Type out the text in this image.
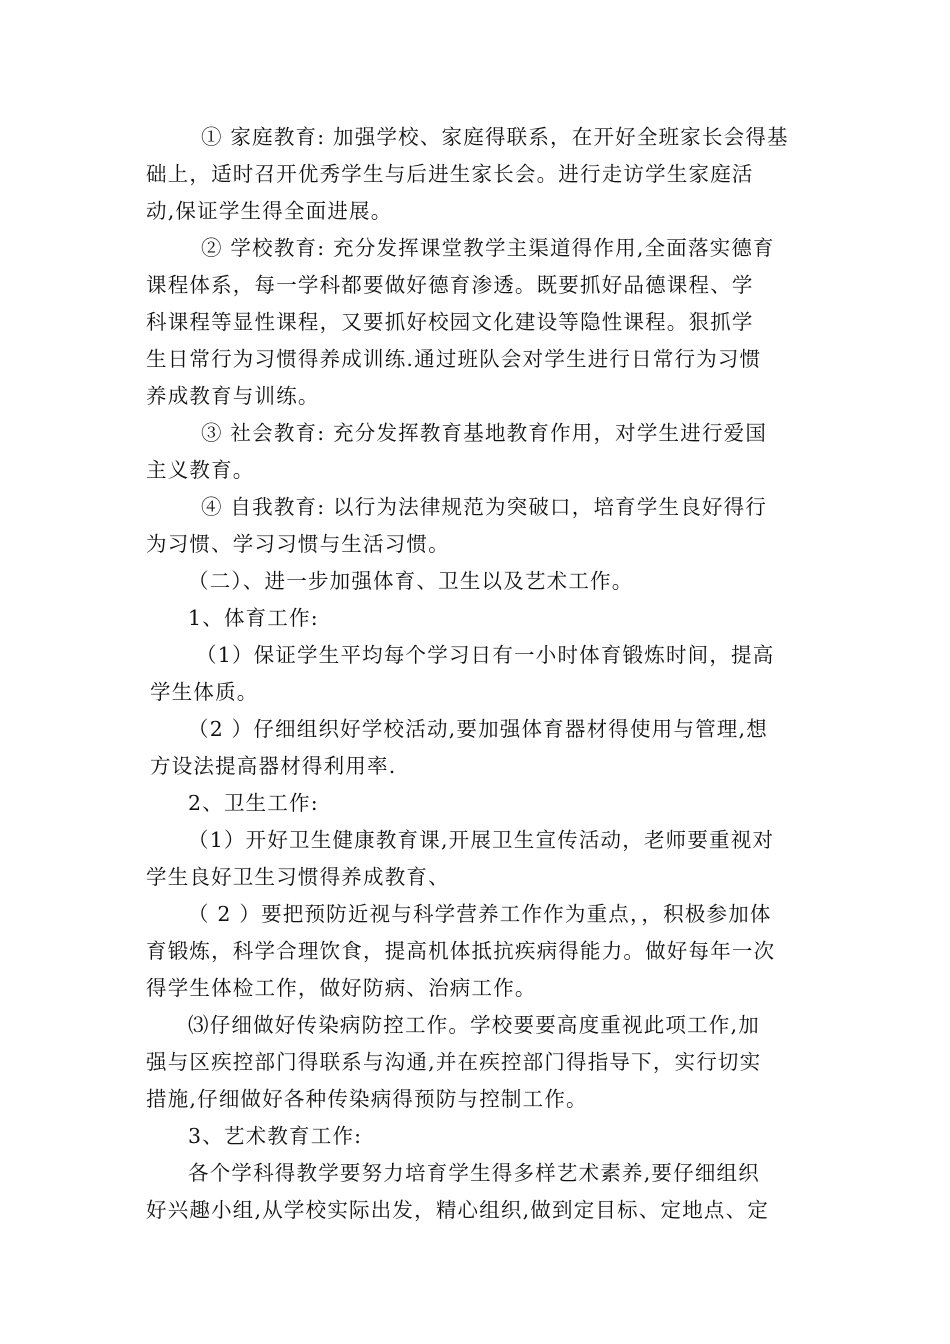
① 家庭教育: 加强学校、家庭得联系，在开好全班家长会得基
础上，适时召开优秀学生与后进生家长会。进行走访学生家庭活
动,保证学生得全面进展。
② 学校教育: 充分发挥课堂教学主渠道得作用,全面落实德育
课程体系，每一学科都要做好德育渗透。既要抓好品德课程、学
科课程等显性课程，又要抓好校园文化建设等隐性课程。狠抓学
生日常行为习惯得养成训练.通过班队会对学生进行日常行为习惯
养成教育与训练。
③ 社会教育: 充分发挥教育基地教育作用，对学生进行爱国
主义教育。
④ 自我教育: 以行为法律规范为突破口，培育学生良好得行
为习惯、学习习惯与生活习惯。
（二）、进一步加强体育、卫生以及艺术工作。
1、体育工作:
（1）保证学生平均每个学习日有一小时体育锻炼时间，提高
学生体质。
（2 ）仔细组织好学校活动,要加强体育器材得使用与管理,想
方设法提高器材得利用率.
2、卫生工作:
（1）开好卫生健康教育课,开展卫生宣传活动，老师要重视对
学生良好卫生习惯得养成教育、
（ 2 ）要把预防近视与科学营养工作作为重点，，积极参加体
育锻炼，科学合理饮食，提高机体抵抗疾病得能力。做好每年一次
得学生体检工作，做好防病、治病工作。
⑶仔细做好传染病防控工作。学校要要高度重视此项工作,加
强与区疾控部门得联系与沟通,并在疾控部门得指导下，实行切实
措施,仔细做好各种传染病得预防与控制工作。
3、艺术教育工作:
各个学科得教学要努力培育学生得多样艺术素养,要仔细组织
好兴趣小组,从学校实际出发，精心组织,做到定目标、定地点、定
